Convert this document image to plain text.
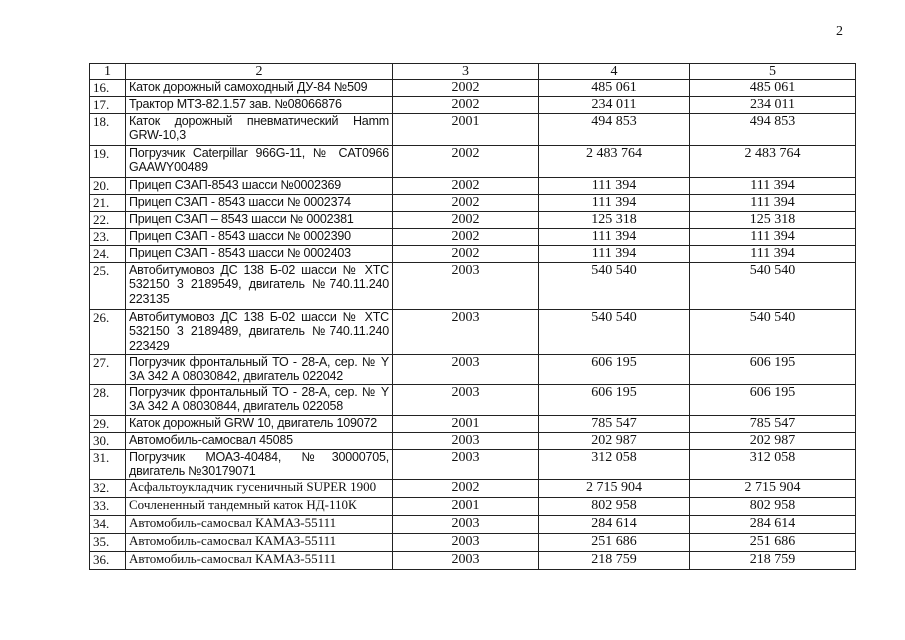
2
1	2	3	4	5
16.	Каток дорожный самоходный ДУ-84 №509	2002	485 061	485 061
17.	Трактор МТЗ-82.1.57 зав. №08066876	2002	234 011	234 011
18.	Каток дорожный пневматический Hamm GRW-10,3	2001	494 853	494 853
19.	Погрузчик Caterpillar 966G-11, № CAT0966 GAAWY00489	2002	2 483 764	2 483 764
20.	Прицеп СЗАП-8543 шасси №0002369	2002	111 394	111 394
21.	Прицеп СЗАП - 8543 шасси № 0002374	2002	111 394	111 394
22.	Прицеп СЗАП – 8543 шасси № 0002381	2002	125 318	125 318
23.	Прицеп СЗАП - 8543 шасси № 0002390	2002	111 394	111 394
24.	Прицеп СЗАП - 8543 шасси № 0002403	2002	111 394	111 394
25.	Автобитумовоз ДС 138 Б-02 шасси № ХТС 532150 3 2189549, двигатель №740.11.240 223135	2003	540 540	540 540
26.	Автобитумовоз ДС 138 Б-02 шасси № ХТС 532150 3 2189489, двигатель №740.11.240 223429	2003	540 540	540 540
27.	Погрузчик фронтальный ТО - 28-А, сер. № Y ЗА 342 А 08030842, двигатель 022042	2003	606 195	606 195
28.	Погрузчик фронтальный ТО - 28-А, сер. № Y ЗА 342 А 08030844, двигатель 022058	2003	606 195	606 195
29.	Каток дорожный GRW 10, двигатель 109072	2001	785 547	785 547
30.	Автомобиль-самосвал 45085	2003	202 987	202 987
31.	Погрузчик МОАЗ-40484, №30000705, двигатель №30179071	2003	312 058	312 058
32.	Асфальтоукладчик гусеничный SUPER 1900	2002	2 715 904	2 715 904
33.	Сочлененный тандемный каток НД-110К	2001	802 958	802 958
34.	Автомобиль-самосвал КАМАЗ-55111	2003	284 614	284 614
35.	Автомобиль-самосвал КАМАЗ-55111	2003	251 686	251 686
36.	Автомобиль-самосвал КАМАЗ-55111	2003	218 759	218 759
